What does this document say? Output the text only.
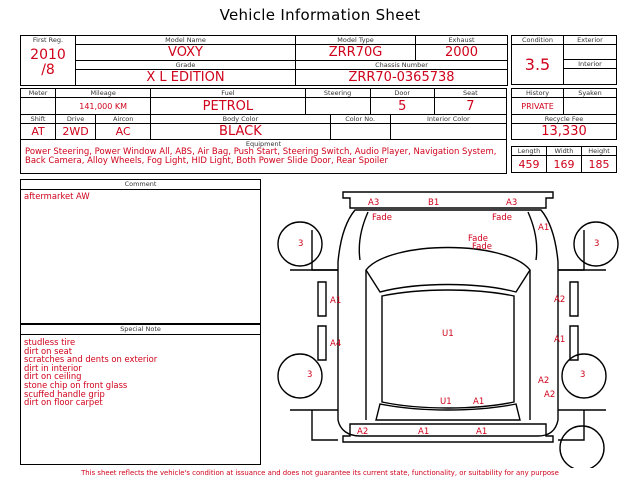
Vehicle Information Sheet
First Reg.
2010
/8	Model Name	Model Type	Exhaust
	VOXY	ZRR70G	2000
	Grade	Chassis Number	
	X L EDITION	ZRR70-0365738	
Condition	Exterior
3.5	
	Interior

Meter	Mileage		Fuel	Steering		Door		Seat
	141,000 KM		PETROL			5		7
Shift	Drive	Aircon	Body Color		Color No.		Interior Color	
AT	2WD	AC	BLACK					
History	Syaken
PRIVATE	
Recycle Fee	
13,330	
Equipment
Power Steering, Power Window All, ABS, Air Bag, Push Start, Steering Switch, Audio Player, Navigation System, Back Camera, Alloy Wheels, Fog Light, HID Light, Both Power Slide Door, Rear Spoiler
Length	Width	Height
459	169	185
Comment
aftermarket AW
Special Note
studless tire
dirt on seat
scratches and dents on exterior
dirt in interior
dirt on ceiling
stone chip on front glass
scuffed handle grip
dirt on floor carpet
A3	B1	A3
Fade	Fade
A1
Fade
Fade
3	3
A1	A2
U1
A4	A1
3	3
A2
A2
U1	A1
A2	A1	A1
This sheet reflects the vehicle's condition at issuance and does not guarantee its current state, functionality, or suitability for any purpose
